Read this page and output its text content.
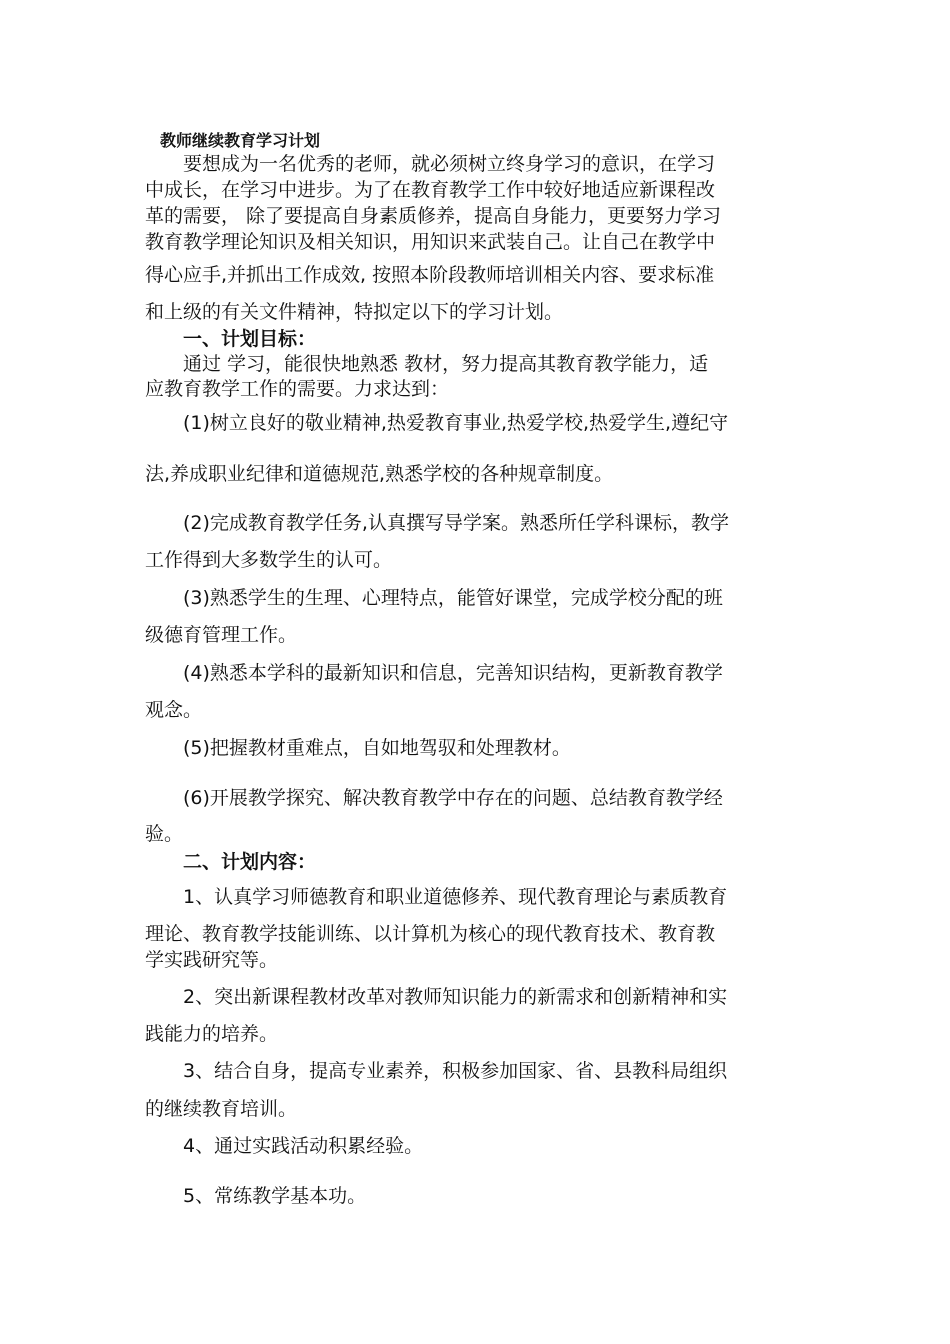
教师继续教育学习计划
要想成为一名优秀的老师，就必须树立终身学习的意识，在学习
中成长，在学习中进步。为了在教育教学工作中较好地适应新课程改
革的需要， 除了要提高自身素质修养，提高自身能力，更要努力学习
教育教学理论知识及相关知识，用知识来武装自己。让自己在教学中
得心应手,并抓出工作成效, 按照本阶段教师培训相关内容、要求标准
和上级的有关文件精神，特拟定以下的学习计划。
一、计划目标：
通过 学习，能很快地熟悉 教材，努力提高其教育教学能力，适
应教育教学工作的需要。力求达到：
(1)树立良好的敬业精神,热爱教育事业,热爱学校,热爱学生,遵纪守
法,养成职业纪律和道德规范,熟悉学校的各种规章制度。
(2)完成教育教学任务,认真撰写导学案。熟悉所任学科课标，教学
工作得到大多数学生的认可。
(3)熟悉学生的生理、心理特点，能管好课堂，完成学校分配的班
级德育管理工作。
(4)熟悉本学科的最新知识和信息，完善知识结构，更新教育教学
观念。
(5)把握教材重难点，自如地驾驭和处理教材。
(6)开展教学探究、解决教育教学中存在的问题、总结教育教学经
验。
二、计划内容：
1、认真学习师德教育和职业道德修养、现代教育理论与素质教育
理论、教育教学技能训练、以计算机为核心的现代教育技术、教育教
学实践研究等。
2、突出新课程教材改革对教师知识能力的新需求和创新精神和实
践能力的培养。
3、结合自身，提高专业素养，积极参加国家、省、县教科局组织
的继续教育培训。
4、通过实践活动积累经验。
5、常练教学基本功。
